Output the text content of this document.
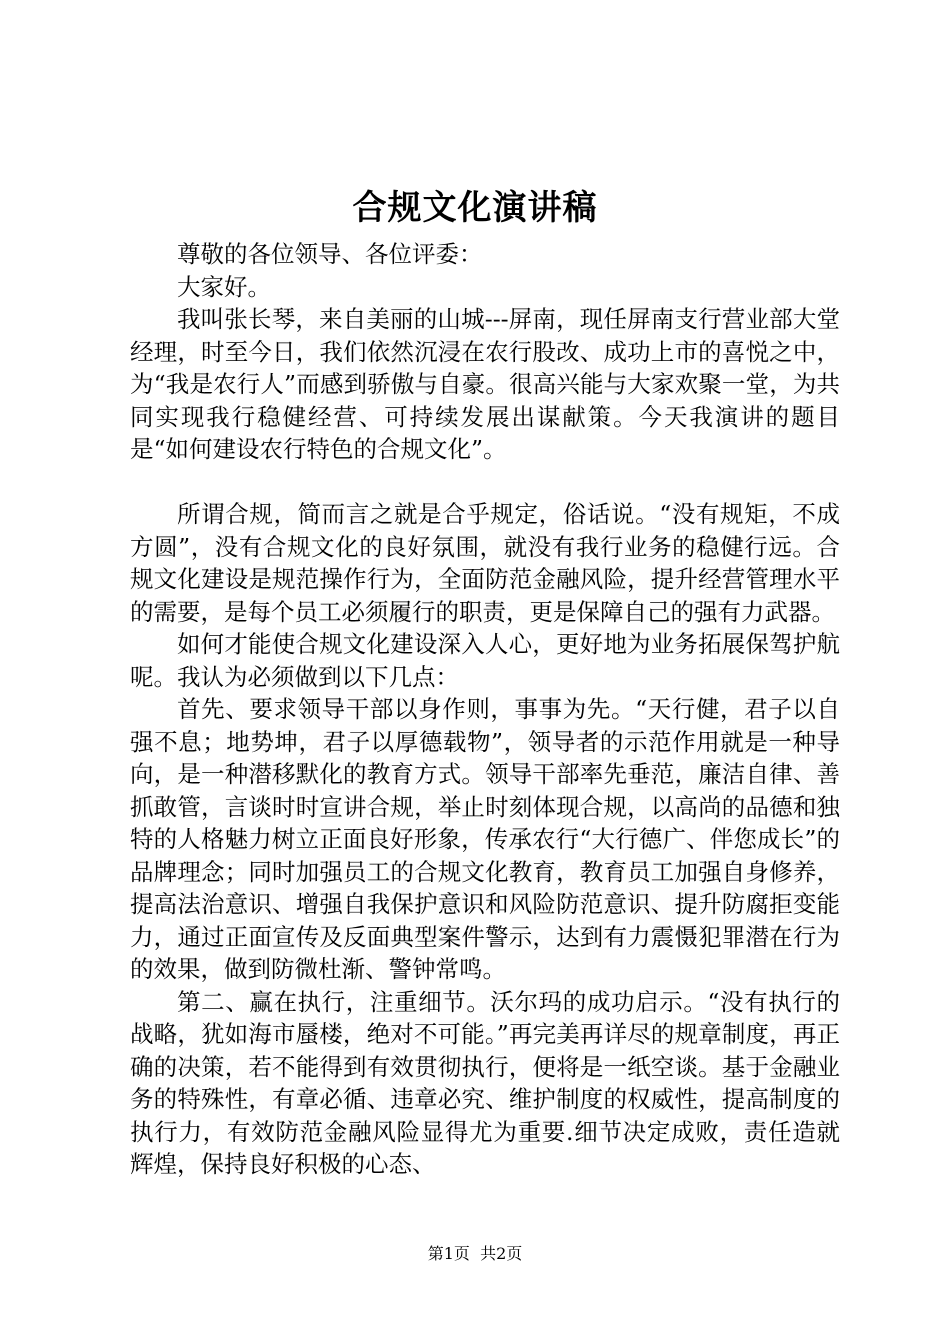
合规文化演讲稿

尊敬的各位领导、各位评委：

大家好。

我叫张长琴，来自美丽的山城---屏南，现任屏南支行营业部大堂经理，时至今日，我们依然沉浸在农行股改、成功上市的喜悦之中，为“我是农行人”而感到骄傲与自豪。很高兴能与大家欢聚一堂，为共同实现我行稳健经营、可持续发展出谋献策。今天我演讲的题目是“如何建设农行特色的合规文化”。

所谓合规，简而言之就是合乎规定，俗话说。“没有规矩，不成方圆”，没有合规文化的良好氛围，就没有我行业务的稳健行远。合规文化建设是规范操作行为，全面防范金融风险，提升经营管理水平的需要，是每个员工必须履行的职责，更是保障自己的强有力武器。

如何才能使合规文化建设深入人心，更好地为业务拓展保驾护航呢。我认为必须做到以下几点：

首先、要求领导干部以身作则，事事为先。“天行健，君子以自强不息；地势坤，君子以厚德载物”，领导者的示范作用就是一种导向，是一种潜移默化的教育方式。领导干部率先垂范，廉洁自律、善抓敢管，言谈时时宣讲合规，举止时刻体现合规，以高尚的品德和独特的人格魅力树立正面良好形象，传承农行“大行德广、伴您成长”的品牌理念；同时加强员工的合规文化教育，教育员工加强自身修养，提高法治意识、增强自我保护意识和风险防范意识、提升防腐拒变能力，通过正面宣传及反面典型案件警示，达到有力震慑犯罪潜在行为的效果，做到防微杜渐、警钟常鸣。

第二、赢在执行，注重细节。沃尔玛的成功启示。“没有执行的战略，犹如海市蜃楼，绝对不可能。”再完美再详尽的规章制度，再正确的决策，若不能得到有效贯彻执行，便将是一纸空谈。基于金融业务的特殊性，有章必循、违章必究、维护制度的权威性，提高制度的执行力，有效防范金融风险显得尤为重要.细节决定成败，责任造就辉煌，保持良好积极的心态、

第1页  共2页
